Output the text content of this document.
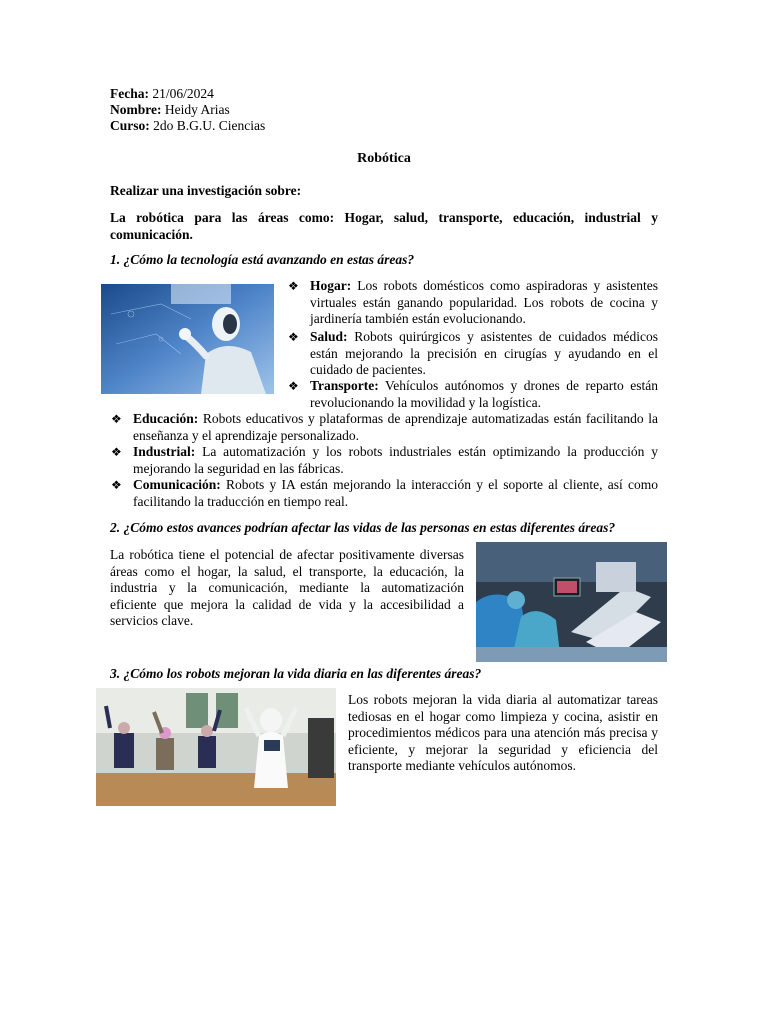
Fecha: 21/06/2024
Nombre: Heidy Arias
Curso: 2do B.G.U. Ciencias
Robótica
Realizar una investigación sobre:
La robótica para las áreas como: Hogar, salud, transporte, educación, industrial y comunicación.
1. ¿Cómo la tecnología está avanzando en estas áreas?
❖ Hogar: Los robots domésticos como aspiradoras y asistentes virtuales están ganando popularidad. Los robots de cocina y jardinería también están evolucionando.
❖ Salud: Robots quirúrgicos y asistentes de cuidados médicos están mejorando la precisión en cirugías y ayudando en el cuidado de pacientes.
❖ Transporte: Vehículos autónomos y drones de reparto están revolucionando la movilidad y la logística.
❖ Educación: Robots educativos y plataformas de aprendizaje automatizadas están facilitando la enseñanza y el aprendizaje personalizado.
❖ Industrial: La automatización y los robots industriales están optimizando la producción y mejorando la seguridad en las fábricas.
❖ Comunicación: Robots y IA están mejorando la interacción y el soporte al cliente, así como facilitando la traducción en tiempo real.
2. ¿Cómo estos avances podrían afectar las vidas de las personas en estas diferentes áreas?
La robótica tiene el potencial de afectar positivamente diversas áreas como el hogar, la salud, el transporte, la educación, la industria y la comunicación, mediante la automatización eficiente que mejora la calidad de vida y la accesibilidad a servicios clave.
3. ¿Cómo los robots mejoran la vida diaria en las diferentes áreas?
Los robots mejoran la vida diaria al automatizar tareas tediosas en el hogar como limpieza y cocina, asistir en procedimientos médicos para una atención más precisa y eficiente, y mejorar la seguridad y eficiencia del transporte mediante vehículos autónomos.
